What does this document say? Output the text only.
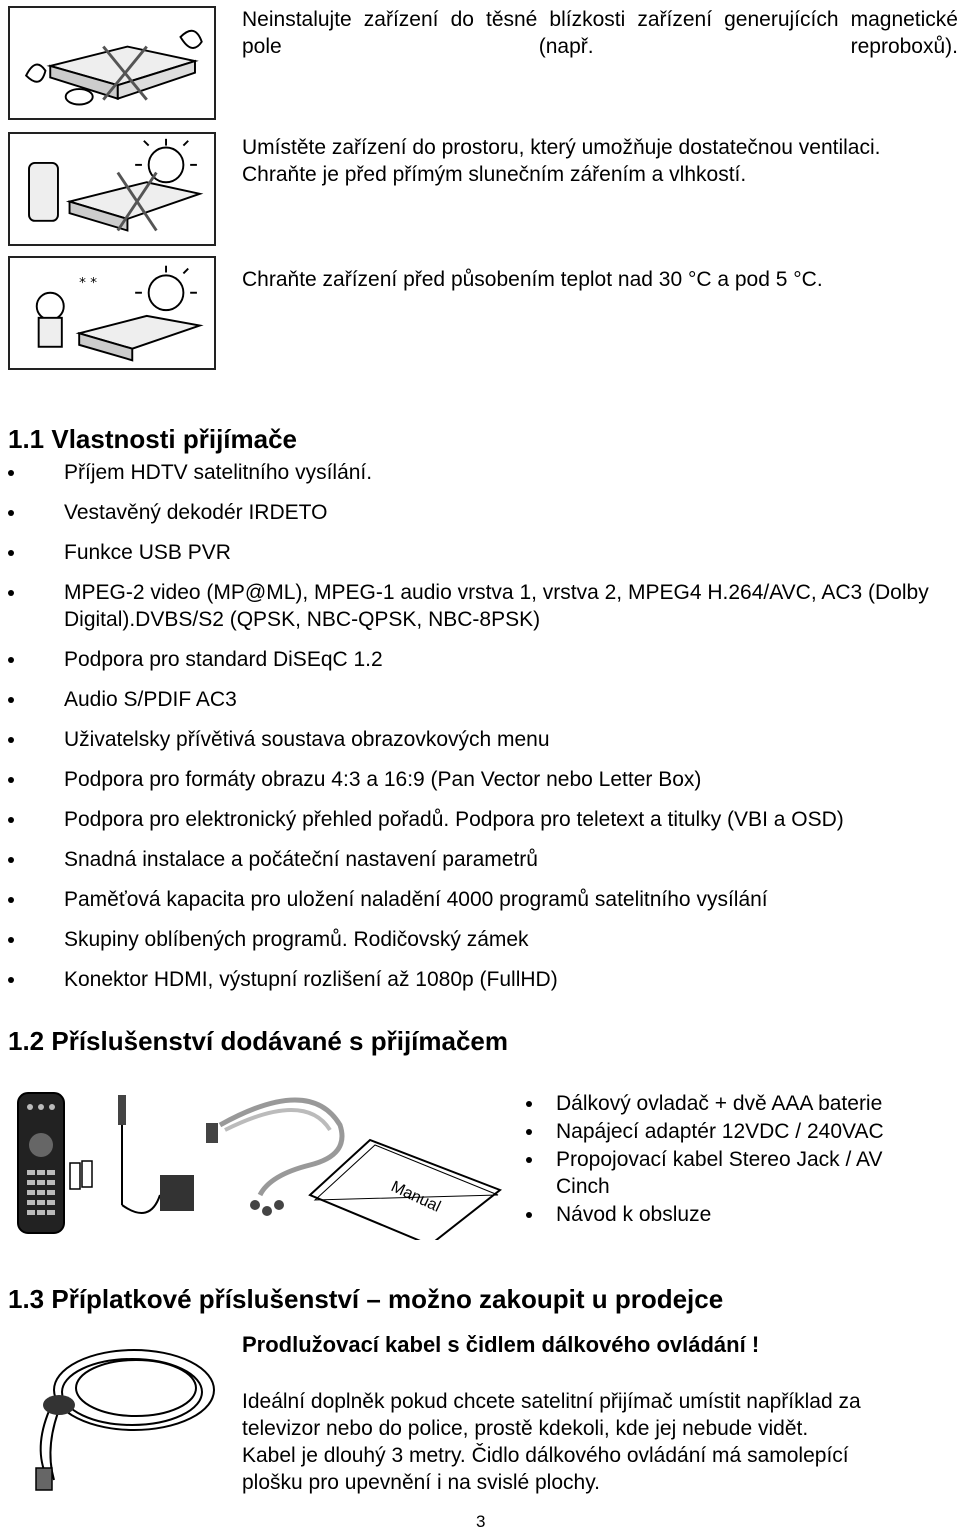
* *
Neinstalujte zařízení do těsné blízkosti zařízení generujících magnetické pole (např. reproboxů).
Umístěte zařízení do prostoru, který umožňuje dostatečnou ventilaci. Chraňte je před přímým slunečním zářením a vlhkostí.
Chraňte zařízení před působením teplot nad 30 °C a pod 5 °C.
1.1 Vlastnosti přijímače
Příjem HDTV satelitního vysílání.
Vestavěný dekodér IRDETO
Funkce USB PVR
MPEG-2 video (MP@ML), MPEG-1 audio vrstva 1, vrstva 2, MPEG4 H.264/AVC, AC3 (Dolby Digital).DVBS/S2 (QPSK, NBC-QPSK, NBC-8PSK)
Podpora pro standard DiSEqC 1.2
Audio S/PDIF AC3
Uživatelsky přívětivá soustava obrazovkových menu
Podpora pro formáty obrazu 4:3 a 16:9 (Pan Vector nebo Letter Box)
Podpora pro elektronický přehled pořadů. Podpora pro teletext a titulky (VBI a OSD)
Snadná instalace a počáteční nastavení parametrů
Paměťová kapacita pro uložení naladění 4000 programů satelitního vysílání
Skupiny oblíbených programů. Rodičovský zámek
Konektor HDMI, výstupní rozlišení až 1080p (FullHD)
1.2 Příslušenství dodávané s přijímačem
Manual
Dálkový ovladač + dvě AAA baterie
Napájecí adaptér 12VDC / 240VAC
Propojovací kabel Stereo Jack / AV Cinch
Návod k obsluze
1.3 Příplatkové příslušenství – možno zakoupit u prodejce
Prodlužovací kabel s čidlem dálkového ovládání !
Ideální doplněk pokud chcete satelitní přijímač umístit například za
televizor nebo do police, prostě kdekoli, kde jej nebude vidět.
Kabel je dlouhý 3 metry. Čidlo dálkového ovládání má samolepící
plošku pro upevnění i na svislé plochy.
3
